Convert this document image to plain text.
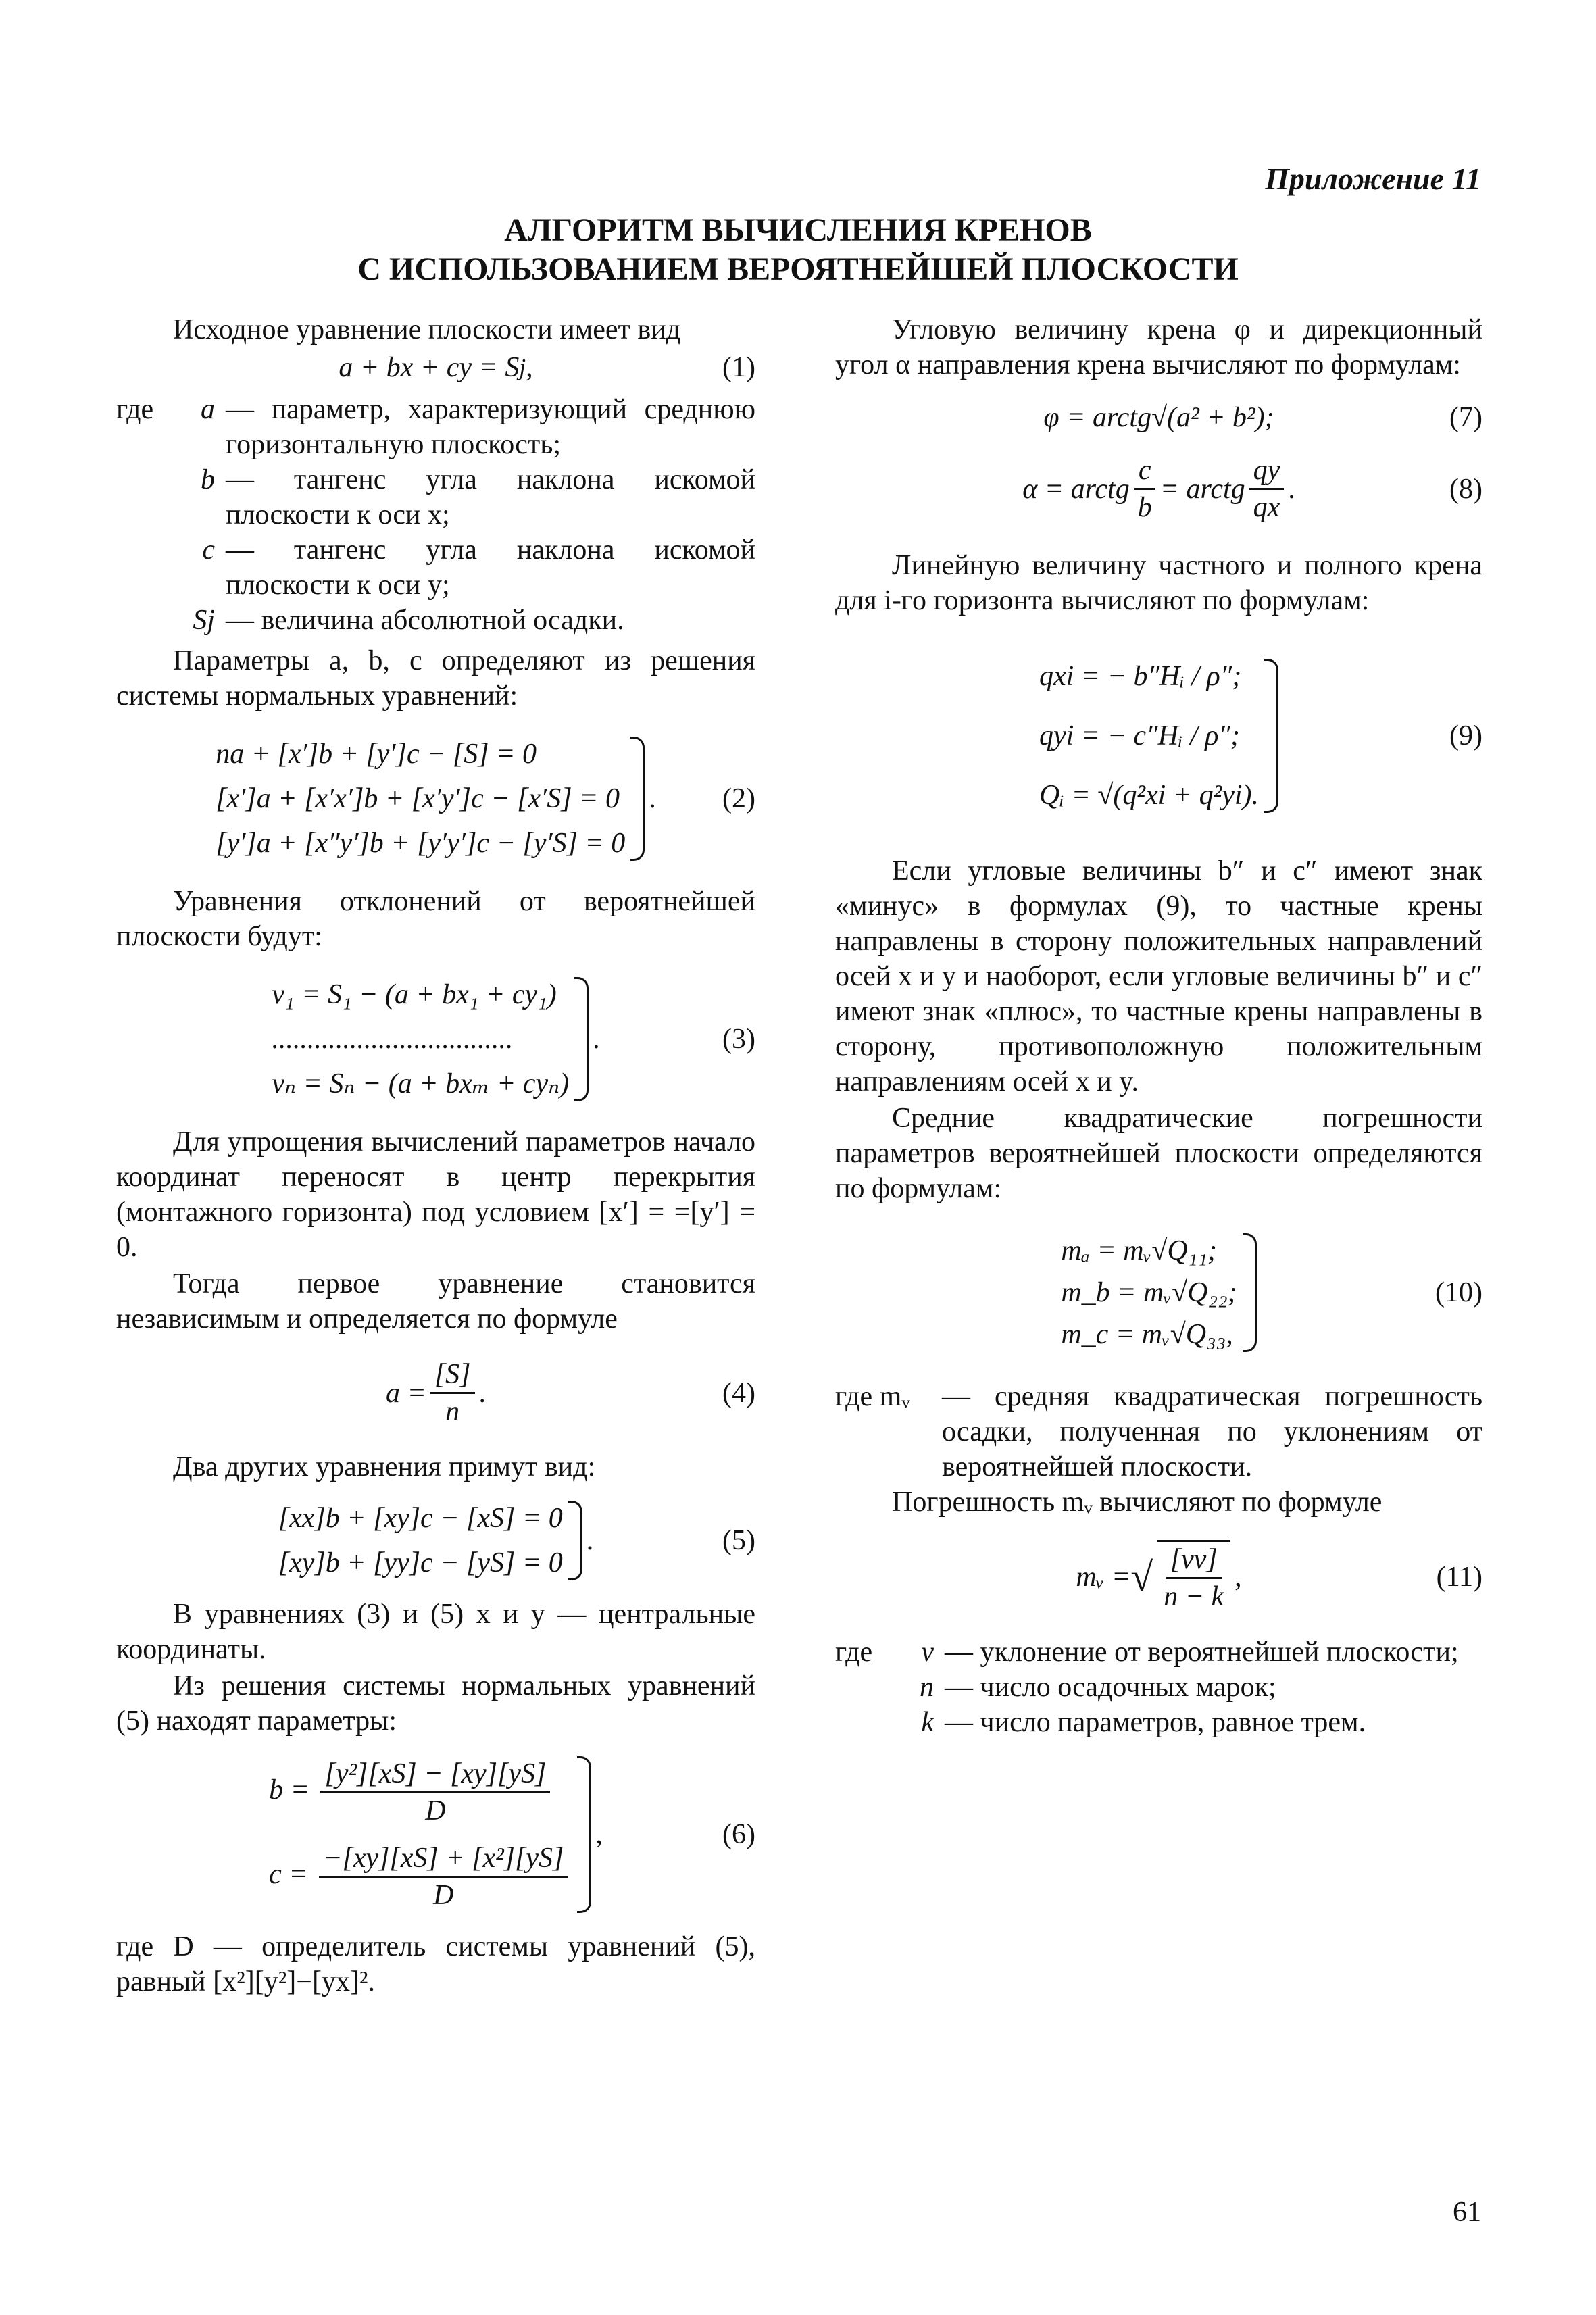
Приложение 11
АЛГОРИТМ ВЫЧИСЛЕНИЯ КРЕНОВ
С ИСПОЛЬЗОВАНИЕМ ВЕРОЯТНЕЙШЕЙ ПЛОСКОСТИ

Исходное уравнение плоскости имеет вид

a + bx + cy = S j ,	(1)
где	a — параметр, характеризующий среднюю горизонтальную плоскость;
b — тангенс угла наклона искомой плоскости к оси x;
c — тангенс угла наклона искомой плоскости к оси y;
Sj — величина абсолютной осадки.

Параметры a, b, c определяют из решения системы нормальных уравнений:

na + [x′]b + [y′]c − [S] = 0
[x′]a + [x′x′]b + [x′y′]c − [x′S] = 0
[y′]a + [x″y′]b + [y′y′]c − [y′S] = 0
. (2)

Уравнения отклонений от вероятнейшей плоскости будут:

v₁ = S₁ − (a + bx₁ + cy₁)
..................................
vₙ = Sₙ − (a + bxₘ + cyₙ)
.	(3)

Для упрощения вычислений параметров начало координат переносят в центр перекрытия (монтажного горизонта) под условием [x′] = =[y′] = 0.

Тогда первое уравнение становится независимым и определяется по формуле

$a = \frac{[S]}{n}$ .	(4)

Два других уравнения примут вид:

[xx]b + [xy]c − [xS] = 0
[xy]b + [yy]c − [yS] = 0
.	(5)

В уравнениях (3) и (5) x и y — центральные координаты.

Из решения системы нормальных уравнений (5) находят параметры:

$b = \frac{\text{[y²][xS] − [xy][yS]}}{D}$
$c = \frac{\text{−[xy][xS] + [x²][yS]}}{D}$
,	(6)

где D — определитель системы уравнений (5), равный [x²][y²]−[yx]².

Угловую величину крена φ и дирекционный угол α направления крена вычисляют по формулам:

φ = arctg√(a² + b²);	(7)
α = arctg $\frac{c}{b}$ = arctg $\frac{qy}{qx}$ .	(8)

Линейную величину частного и полного крена для i-го горизонта вычисляют по формулам:

qxi = − b″Hᵢ / ρ″;
qyi = − c″Hᵢ / ρ″;
Qᵢ = √(q²xi + q²yi).
(9)

Если угловые величины b″ и c″ имеют знак «минус» в формулах (9), то частные крены направлены в сторону положительных направлений осей x и y и наоборот, если угловые величины b″ и c″ имеют знак «плюс», то частные крены направлены в сторону, противоположную положительным направлениям осей x и y.

Средние квадратические погрешности параметров вероятнейшей плоскости определяются по формулам:

mₐ = mᵥ√Q₁₁;
m_b = mᵥ√Q₂₂;
m_c = mᵥ√Q₃₃,
(10)
где mᵥ	— средняя квадратическая погрешность осадки, полученная по уклонениям от вероятнейшей плоскости.

Погрешность mᵥ вычисляют по формуле

mᵥ = √ $\frac{[vv]}{n - k}$ ,	(11)
где	v — уклонение от вероятнейшей плоскости;
n — число осадочных марок;
k — число параметров, равное трем.
61
